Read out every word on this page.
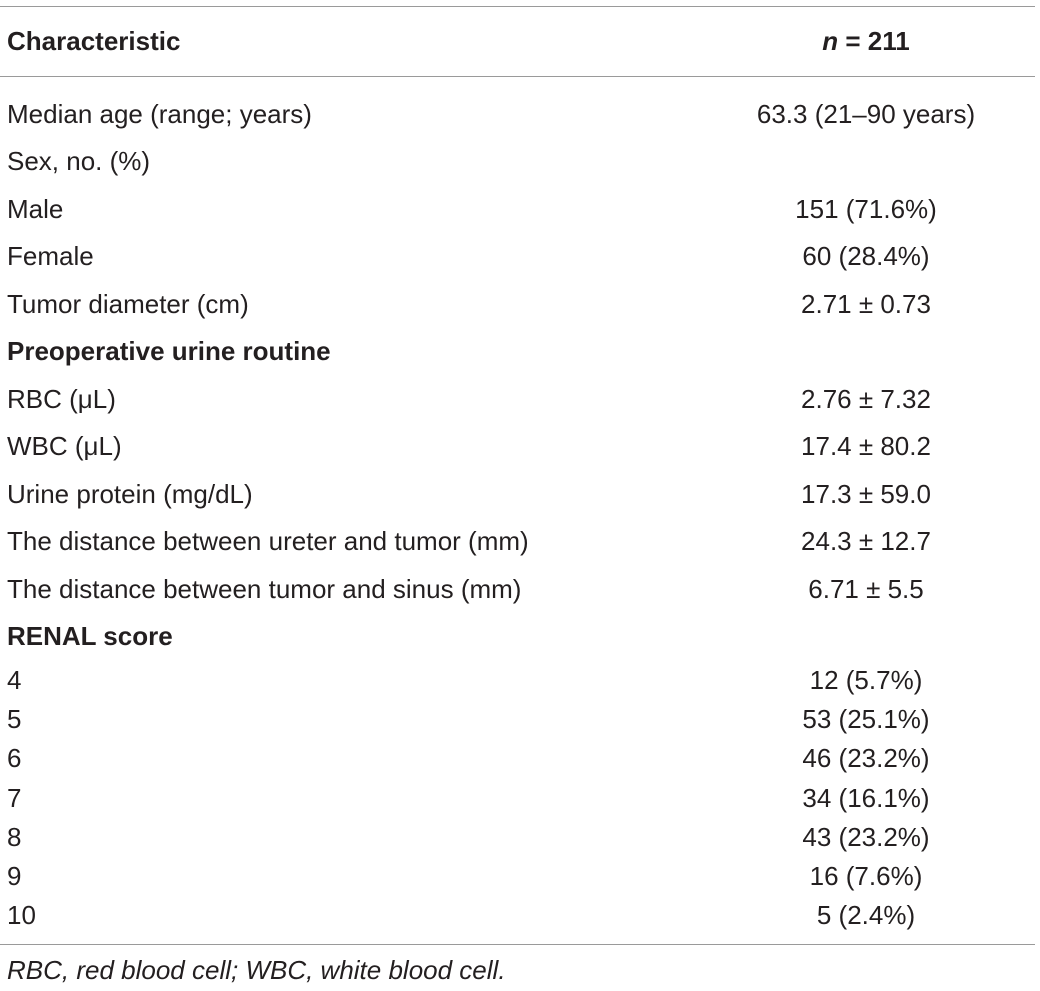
Characteristic	n = 211
Median age (range; years)	63.3 (21–90 years)
Sex, no. (%)	
Male	151 (71.6%)
Female	60 (28.4%)
Tumor diameter (cm)	2.71 ± 0.73
Preoperative urine routine	
RBC (μL)	2.76 ± 7.32
WBC (μL)	17.4 ± 80.2
Urine protein (mg/dL)	17.3 ± 59.0
The distance between ureter and tumor (mm)	24.3 ± 12.7
The distance between tumor and sinus (mm)	6.71 ± 5.5
RENAL score	
4	12 (5.7%)
5	53 (25.1%)
6	46 (23.2%)
7	34 (16.1%)
8	43 (23.2%)
9	16 (7.6%)
10	5 (2.4%)
RBC, red blood cell; WBC, white blood cell.
